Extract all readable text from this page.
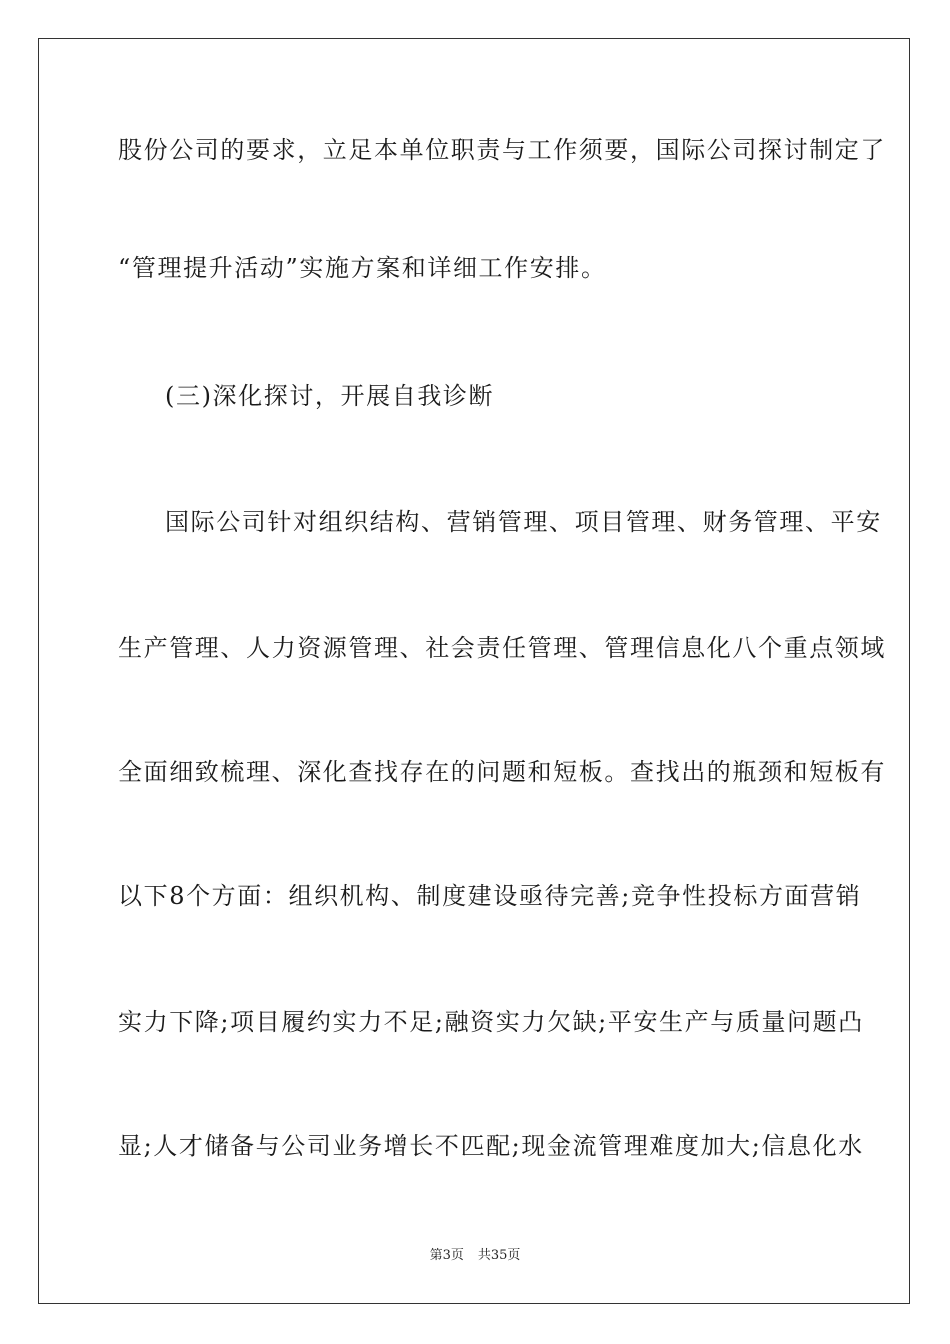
股份公司的要求，立足本单位职责与工作须要，国际公司探讨制定了
“管理提升活动”实施方案和详细工作安排。
(三)深化探讨，开展自我诊断
国际公司针对组织结构、营销管理、项目管理、财务管理、平安
生产管理、人力资源管理、社会责任管理、管理信息化八个重点领域
全面细致梳理、深化查找存在的问题和短板。查找出的瓶颈和短板有
以下8个方面：组织机构、制度建设亟待完善;竞争性投标方面营销
实力下降;项目履约实力不足;融资实力欠缺;平安生产与质量问题凸
显;人才储备与公司业务增长不匹配;现金流管理难度加大;信息化水
第3页 共35页
